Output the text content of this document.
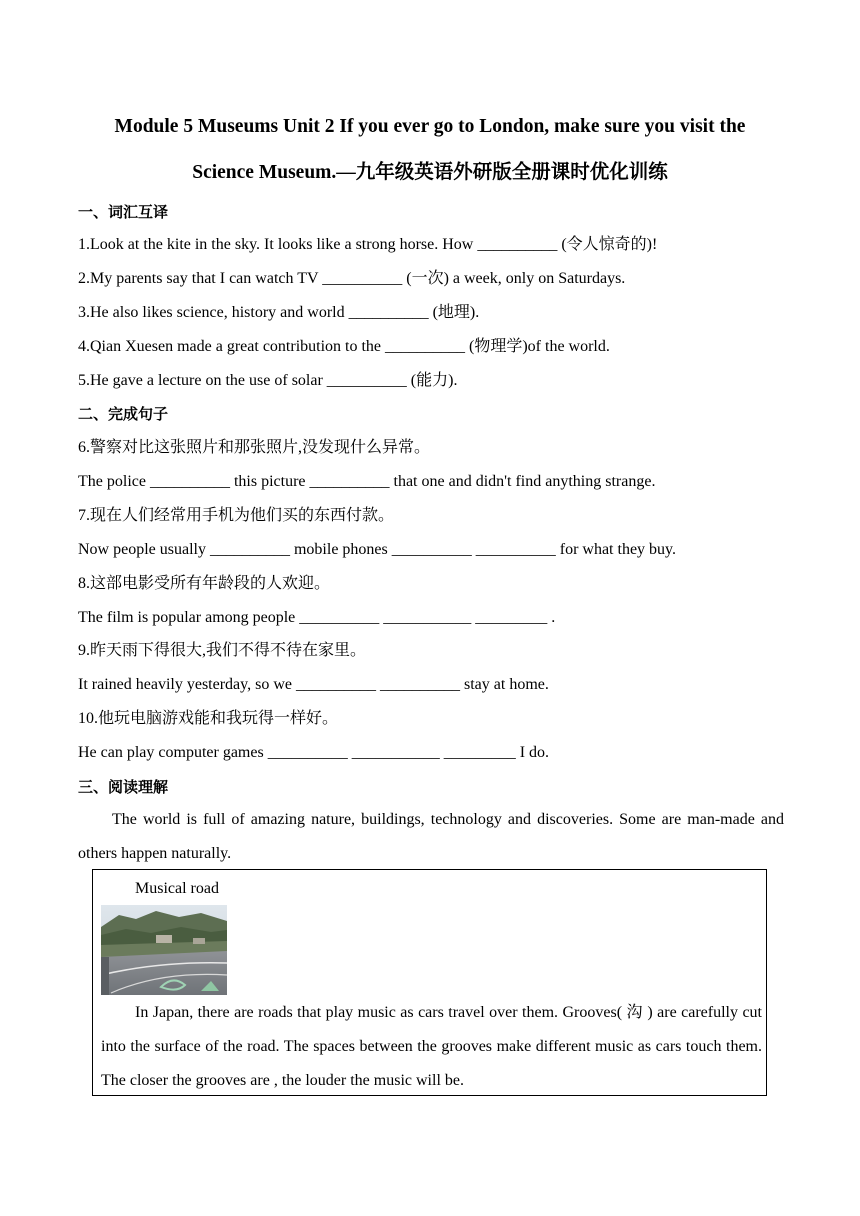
Module 5 Museums Unit 2 If you ever go to London, make sure you visit the
Science Museum.—九年级英语外研版全册课时优化训练
一、词汇互译
1.Look at the kite in the sky. It looks like a strong horse. How __________ (令人惊奇的)!
2.My parents say that I can watch TV __________ (一次) a week, only on Saturdays.
3.He also likes science, history and world __________ (地理).
4.Qian Xuesen made a great contribution to the __________ (物理学)of the world.
5.He gave a lecture on the use of solar __________ (能力).
二、完成句子
6.警察对比这张照片和那张照片,没发现什么异常。
The police __________ this picture __________ that one and didn't find anything strange.
7.现在人们经常用手机为他们买的东西付款。
Now people usually __________ mobile phones __________ __________ for what they buy.
8.这部电影受所有年龄段的人欢迎。
The film is popular among people __________ ___________ _________ .
9.昨天雨下得很大,我们不得不待在家里。
It rained heavily yesterday, so we __________ __________ stay at home.
10.他玩电脑游戏能和我玩得一样好。
He can play computer games __________ ___________ _________ I do.
三、阅读理解
The world is full of amazing nature, buildings, technology and discoveries. Some are man-made and others happen naturally.
Musical road
In Japan, there are roads that play music as cars travel over them. Grooves( 沟 ) are carefully cut into the surface of the road. The spaces between the grooves make different music as cars touch them. The closer the grooves are , the louder the music will be.
